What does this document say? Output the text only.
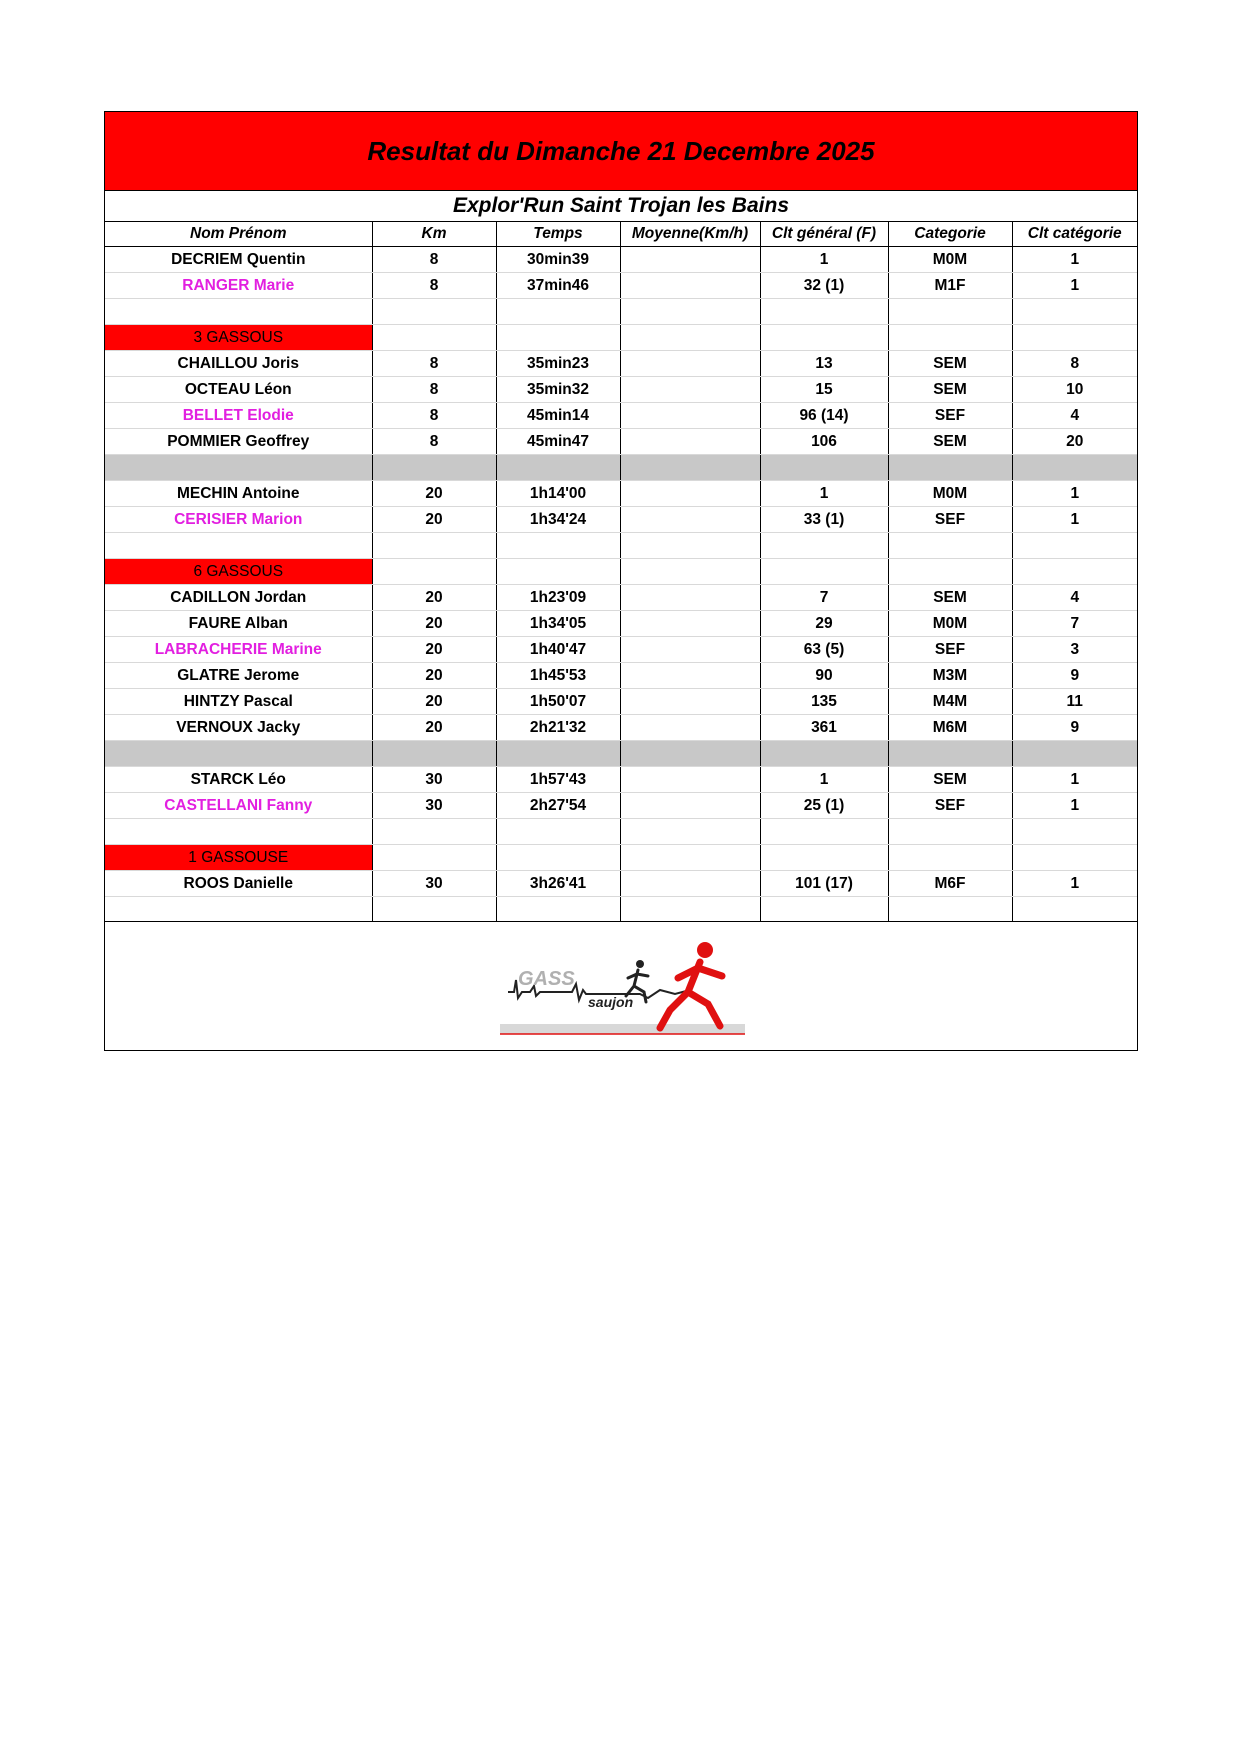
Resultat du Dimanche 21 Decembre 2025
Explor'Run Saint Trojan les Bains
Nom Prénom	Km	Temps	Moyenne(Km/h)	Clt général (F)	Categorie	Clt catégorie
DECRIEM Quentin	8	30min39		1	M0M	1
RANGER Marie	8	37min46		32 (1)	M1F	1

3 GASSOUS						
CHAILLOU Joris	8	35min23		13	SEM	8
OCTEAU Léon	8	35min32		15	SEM	10
BELLET Elodie	8	45min14		96 (14)	SEF	4
POMMIER Geoffrey	8	45min47		106	SEM	20

MECHIN Antoine	20	1h14'00		1	M0M	1
CERISIER Marion	20	1h34'24		33 (1)	SEF	1

6 GASSOUS						
CADILLON Jordan	20	1h23'09		7	SEM	4
FAURE Alban	20	1h34'05		29	M0M	7
LABRACHERIE Marine	20	1h40'47		63 (5)	SEF	3
GLATRE Jerome	20	1h45'53		90	M3M	9
HINTZY Pascal	20	1h50'07		135	M4M	11
VERNOUX Jacky	20	2h21'32		361	M6M	9

STARCK Léo	30	1h57'43		1	SEM	1
CASTELLANI Fanny	30	2h27'54		25 (1)	SEF	1

1 GASSOUSE						
ROOS Danielle	30	3h26'41		101 (17)	M6F	1

GASS
saujon
